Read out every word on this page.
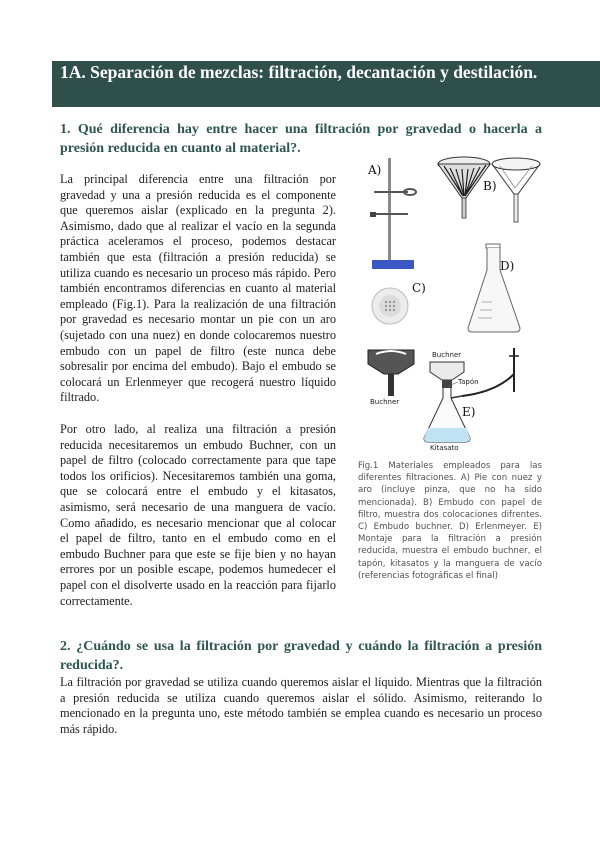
1A. Separación de mezclas: filtración, decantación y destilación.
1. Qué diferencia hay entre hacer una filtración por gravedad o hacerla a presión reducida en cuanto al material?.
La principal diferencia entre una filtración por gravedad y una a presión reducida es el componente que queremos aislar (explicado en la pregunta 2). Asimismo, dado que al realizar el vacío en la segunda práctica aceleramos el proceso, podemos destacar también que esta (filtración a presión reducida) se utiliza cuando es necesario un proceso más rápido. Pero también encontramos diferencias en cuanto al material empleado (Fig.1). Para la realización de una filtración por gravedad es necesario montar un pie con un aro (sujetado con una nuez) en donde colocaremos nuestro embudo con un papel de filtro (este nunca debe sobresalir por encima del embudo). Bajo el embudo se colocará un Erlenmeyer que recogerá nuestro líquido filtrado.
Por otro lado, al realiza una filtración a presión reducida necesitaremos un embudo Buchner, con un papel de filtro (colocado correctamente para que tape todos los orificios). Necesitaremos también una goma, que se colocará entre el embudo y el kitasatos, asimismo, será necesario de una manguera de vacío. Como añadido, es necesario mencionar que al colocar el papel de filtro, tanto en el embudo como en el embudo Buchner para que este se fije bien y no hayan errores por un posible escape, podemos humedecer el papel con el disolverte usado en la reacción para fijarlo correctamente.
A)
B)
D)
C)
Buchner
Buchner
Tapón
E)
Kitasato
Fig.1 Materiales empleados para las diferentes filtraciones. A) Pie con nuez y aro (incluye pinza, que no ha sido mencionada). B) Embudo con papel de filtro, muestra dos colocaciones difrentes. C) Embudo buchner. D) Erlenmeyer. E) Montaje para la filtración a presión reducida, muestra el embudo buchner, el tapón, kitasatos y la manguera de vacío (referencias fotográficas el final)
2. ¿Cuándo se usa la filtración por gravedad y cuándo la filtración a presión reducida?.
La filtración por gravedad se utiliza cuando queremos aislar el líquido. Mientras que la filtración a presión reducida se utiliza cuando queremos aislar el sólido. Asimismo, reiterando lo mencionado en la pregunta uno, este método también se emplea cuando es necesario un proceso más rápido.
